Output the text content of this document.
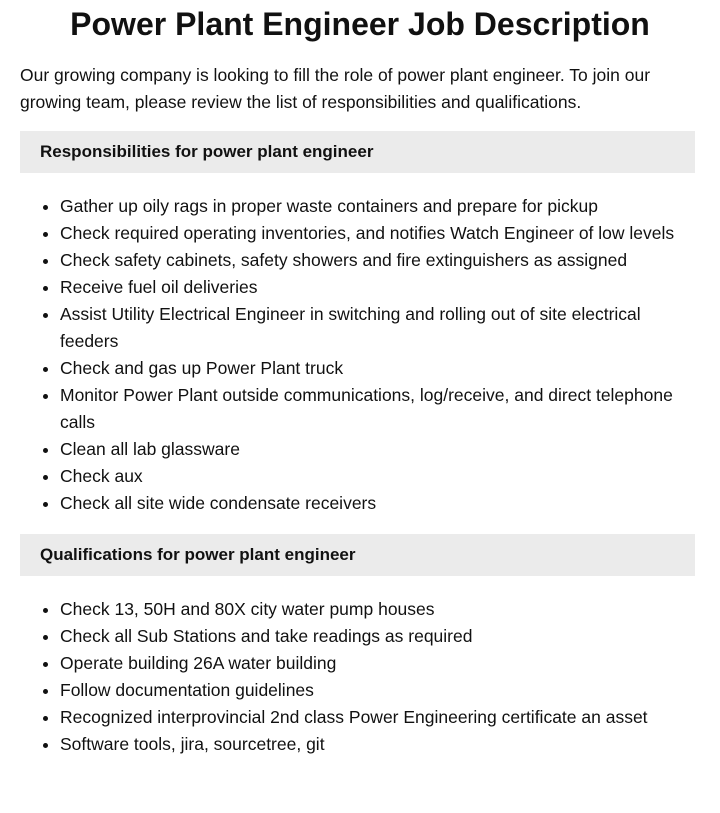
Power Plant Engineer Job Description

Our growing company is looking to fill the role of power plant engineer. To join our growing team, please review the list of responsibilities and qualifications.

Responsibilities for power plant engineer
• Gather up oily rags in proper waste containers and prepare for pickup
• Check required operating inventories, and notifies Watch Engineer of low levels
• Check safety cabinets, safety showers and fire extinguishers as assigned
• Receive fuel oil deliveries
• Assist Utility Electrical Engineer in switching and rolling out of site electrical feeders
• Check and gas up Power Plant truck
• Monitor Power Plant outside communications, log/receive, and direct telephone calls
• Clean all lab glassware
• Check aux
• Check all site wide condensate receivers
Qualifications for power plant engineer
• Check 13, 50H and 80X city water pump houses
• Check all Sub Stations and take readings as required
• Operate building 26A water building
• Follow documentation guidelines
• Recognized interprovincial 2nd class Power Engineering certificate an asset
• Software tools, jira, sourcetree, git
